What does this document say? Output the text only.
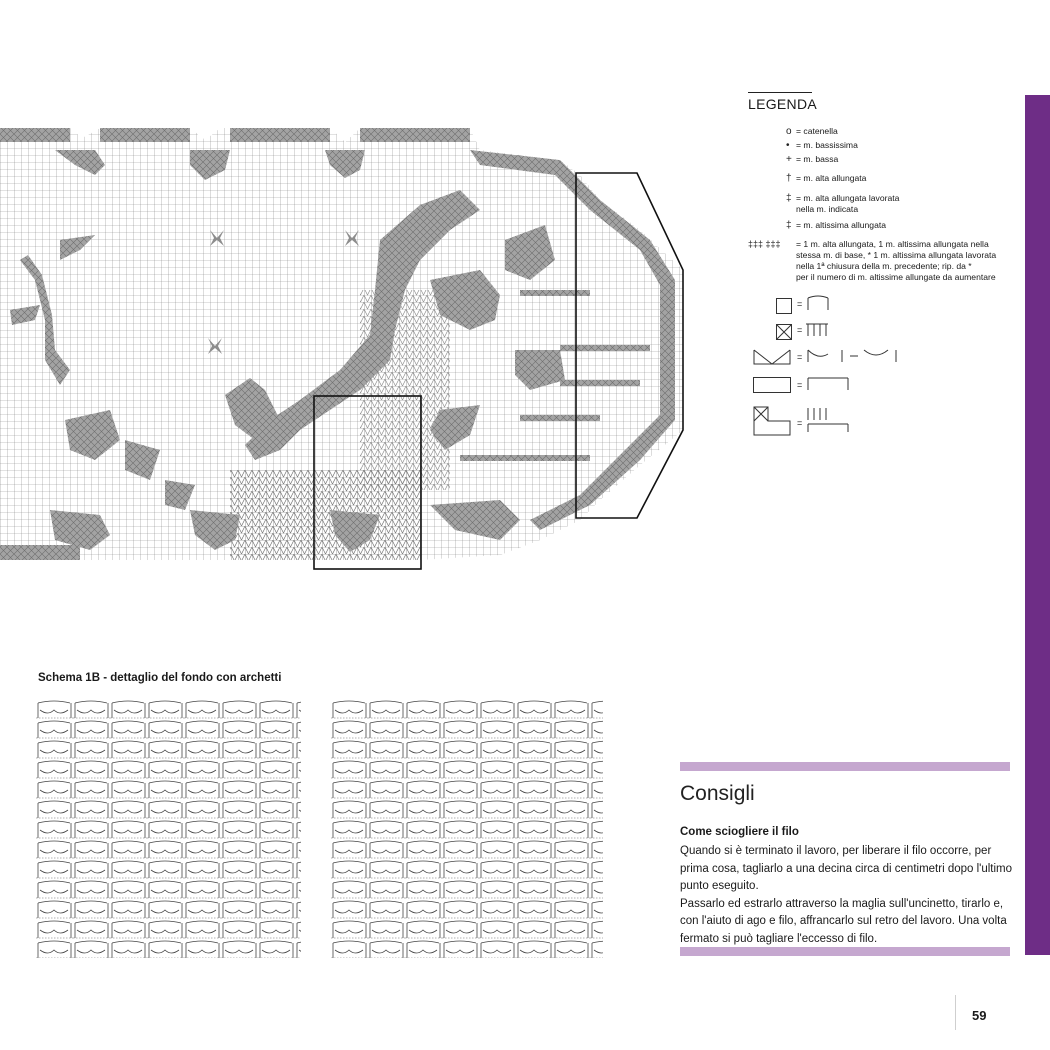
LEGENDA
o = catenella
• = m. bassissima
+ = m. bassa
† = m. alta allungata
‡ = m. alta allungata lavorata
nella m. indicata
‡ = m. altissima allungata
‡‡‡ ‡‡‡ = 1 m. alta allungata, 1 m. altissima allungata nella
stessa m. di base, * 1 m. altissima allungata lavorata
nella 1ª chiusura della m. precedente; rip. da *
per il numero di m. altissime allungate da aumentare
=
=
=
=
=
Schema 1B - dettaglio del fondo con archetti
Consigli
Come sciogliere il filo
Quando si è terminato il lavoro, per liberare il filo occorre, per prima cosa, tagliarlo a una decina circa di centimetri dopo l'ultimo punto eseguito.
Passarlo ed estrarlo attraverso la maglia sull'uncinetto, tirarlo e, con l'aiuto di ago e filo, affrancarlo sul retro del lavoro. Una volta fermato si può tagliare l'eccesso di filo.
59
